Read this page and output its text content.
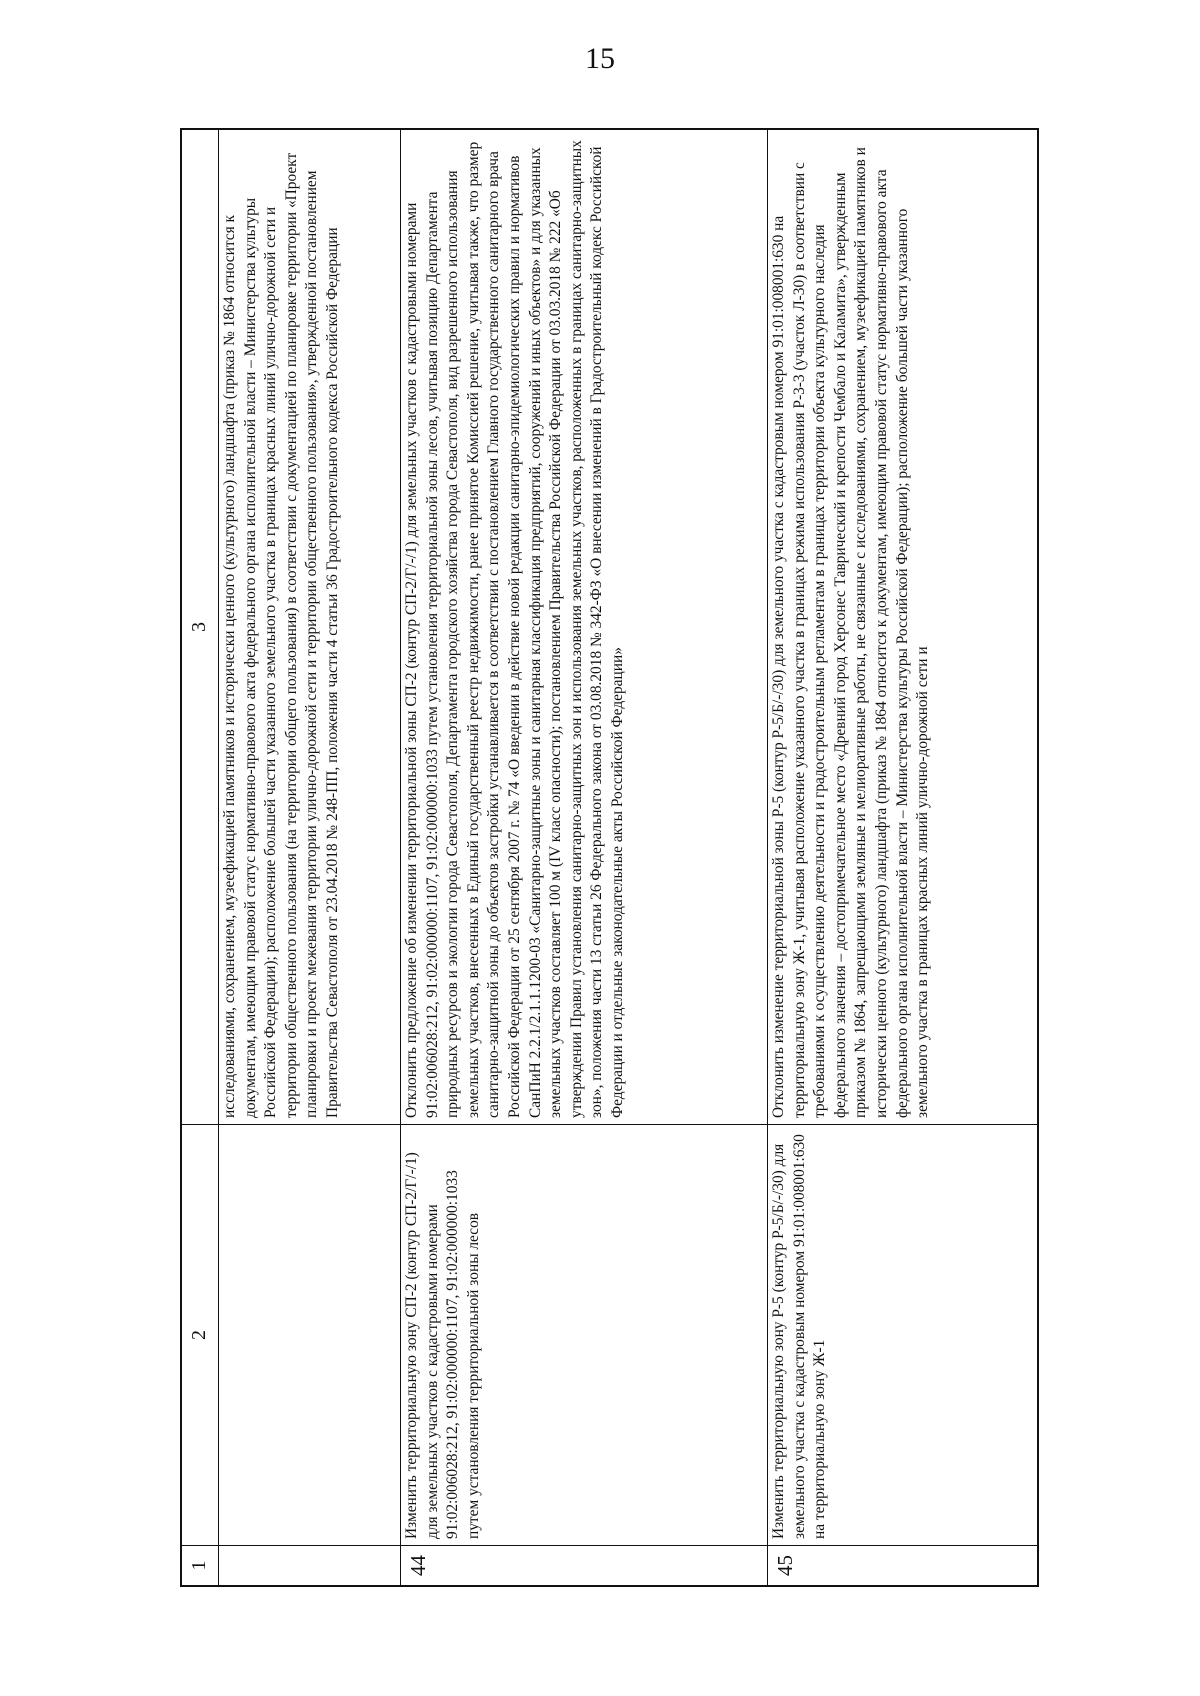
15
1
2
3 исследованиями, сохранением, музеефикацией памятников и исторически ценного (культурного) ландшафта (приказ № 1864 относится к документам, имеющим правовой статус нормативно-правового акта федерального органа исполнительной власти – Министерства культуры Российской Федерации); расположение большей части указанного земельного участка в границах красных линий улично-дорожной сети и территории общественного пользования (на территории общего пользования) в соответствии с документацией по планировке территории «Проект планировки и проект межевания территории улично-дорожной сети и территории общественного пользования», утвержденной постановлением Правительства Севастополя от 23.04.2018 № 248-ПП, положения части 4 статьи 36 Градостроительного кодекса Российской Федерации
44
Изменить территориальную зону СП-2 (контур СП-2/Г/-/1) для земельных участков с кадастровыми номерами 91:02:006028:212, 91:02:000000:1107, 91:02:000000:1033 путем установления территориальной зоны лесов
Отклонить предложение об изменении территориальной зоны СП-2 (контур СП-2/Г/-/1) для земельных участков с кадастровыми номерами 91:02:006028:212, 91:02:000000:1107, 91:02:000000:1033 путем установления территориальной зоны лесов, учитывая позицию Департамента природных ресурсов и экологии города Севастополя, Департамента городского хозяйства города Севастополя, вид разрешенного использования земельных участков, внесенных в Единый государственный реестр недвижимости, ранее принятое Комиссией решение, учитывая также, что размер санитарно-защитной зоны до объектов застройки устанавливается в соответствии с постановлением Главного государственного санитарного врача Российской Федерации от 25 сентября 2007 г. № 74 «О введении в действие новой редакции санитарно-эпидемиологических правил и нормативов СанПиН 2.2.1/2.1.1.1200-03 «Санитарно-защитные зоны и санитарная классификация предприятий, сооружений и иных объектов» и для указанных земельных участков составляет 100 м (IV класс опасности); постановлением Правительства Российской Федерации от 03.03.2018 № 222 «Об утверждении Правил установления санитарно-защитных зон и использования земельных участков, расположенных в границах санитарно-защитных зон», положения части 13 статьи 26 Федерального закона от 03.08.2018 № 342-ФЗ «О внесении изменений в Градостроительный кодекс Российской Федерации и отдельные законодательные акты Российской Федерации»
45
Изменить территориальную зону Р-5 (контур Р-5/Б/-/30) для земельного участка с кадастровым номером 91:01:008001:630 на территориальную зону Ж-1
Отклонить изменение территориальной зоны Р-5 (контур Р-5/Б/-/30) для земельного участка с кадастровым номером 91:01:008001:630 на территориальную зону Ж-1, учитывая расположение указанного участка в границах режима использования Р-3-3 (участок Л-30) в соответствии с требованиями к осуществлению деятельности и градостроительным регламентам в границах территории объекта культурного наследия федерального значения – достопримечательное место «Древний город Херсонес Таврический и крепости Чембало и Каламита», утвержденным приказом № 1864, запрещающими земляные и мелиоративные работы, не связанные с исследованиями, сохранением, музеефикацией памятников и исторически ценного (культурного) ландшафта (приказ № 1864 относится к документам, имеющим правовой статус нормативно-правового акта федерального органа исполнительной власти – Министерства культуры Российской Федерации); расположение большей части указанного земельного участка в границах красных линий улично-дорожной сети и
